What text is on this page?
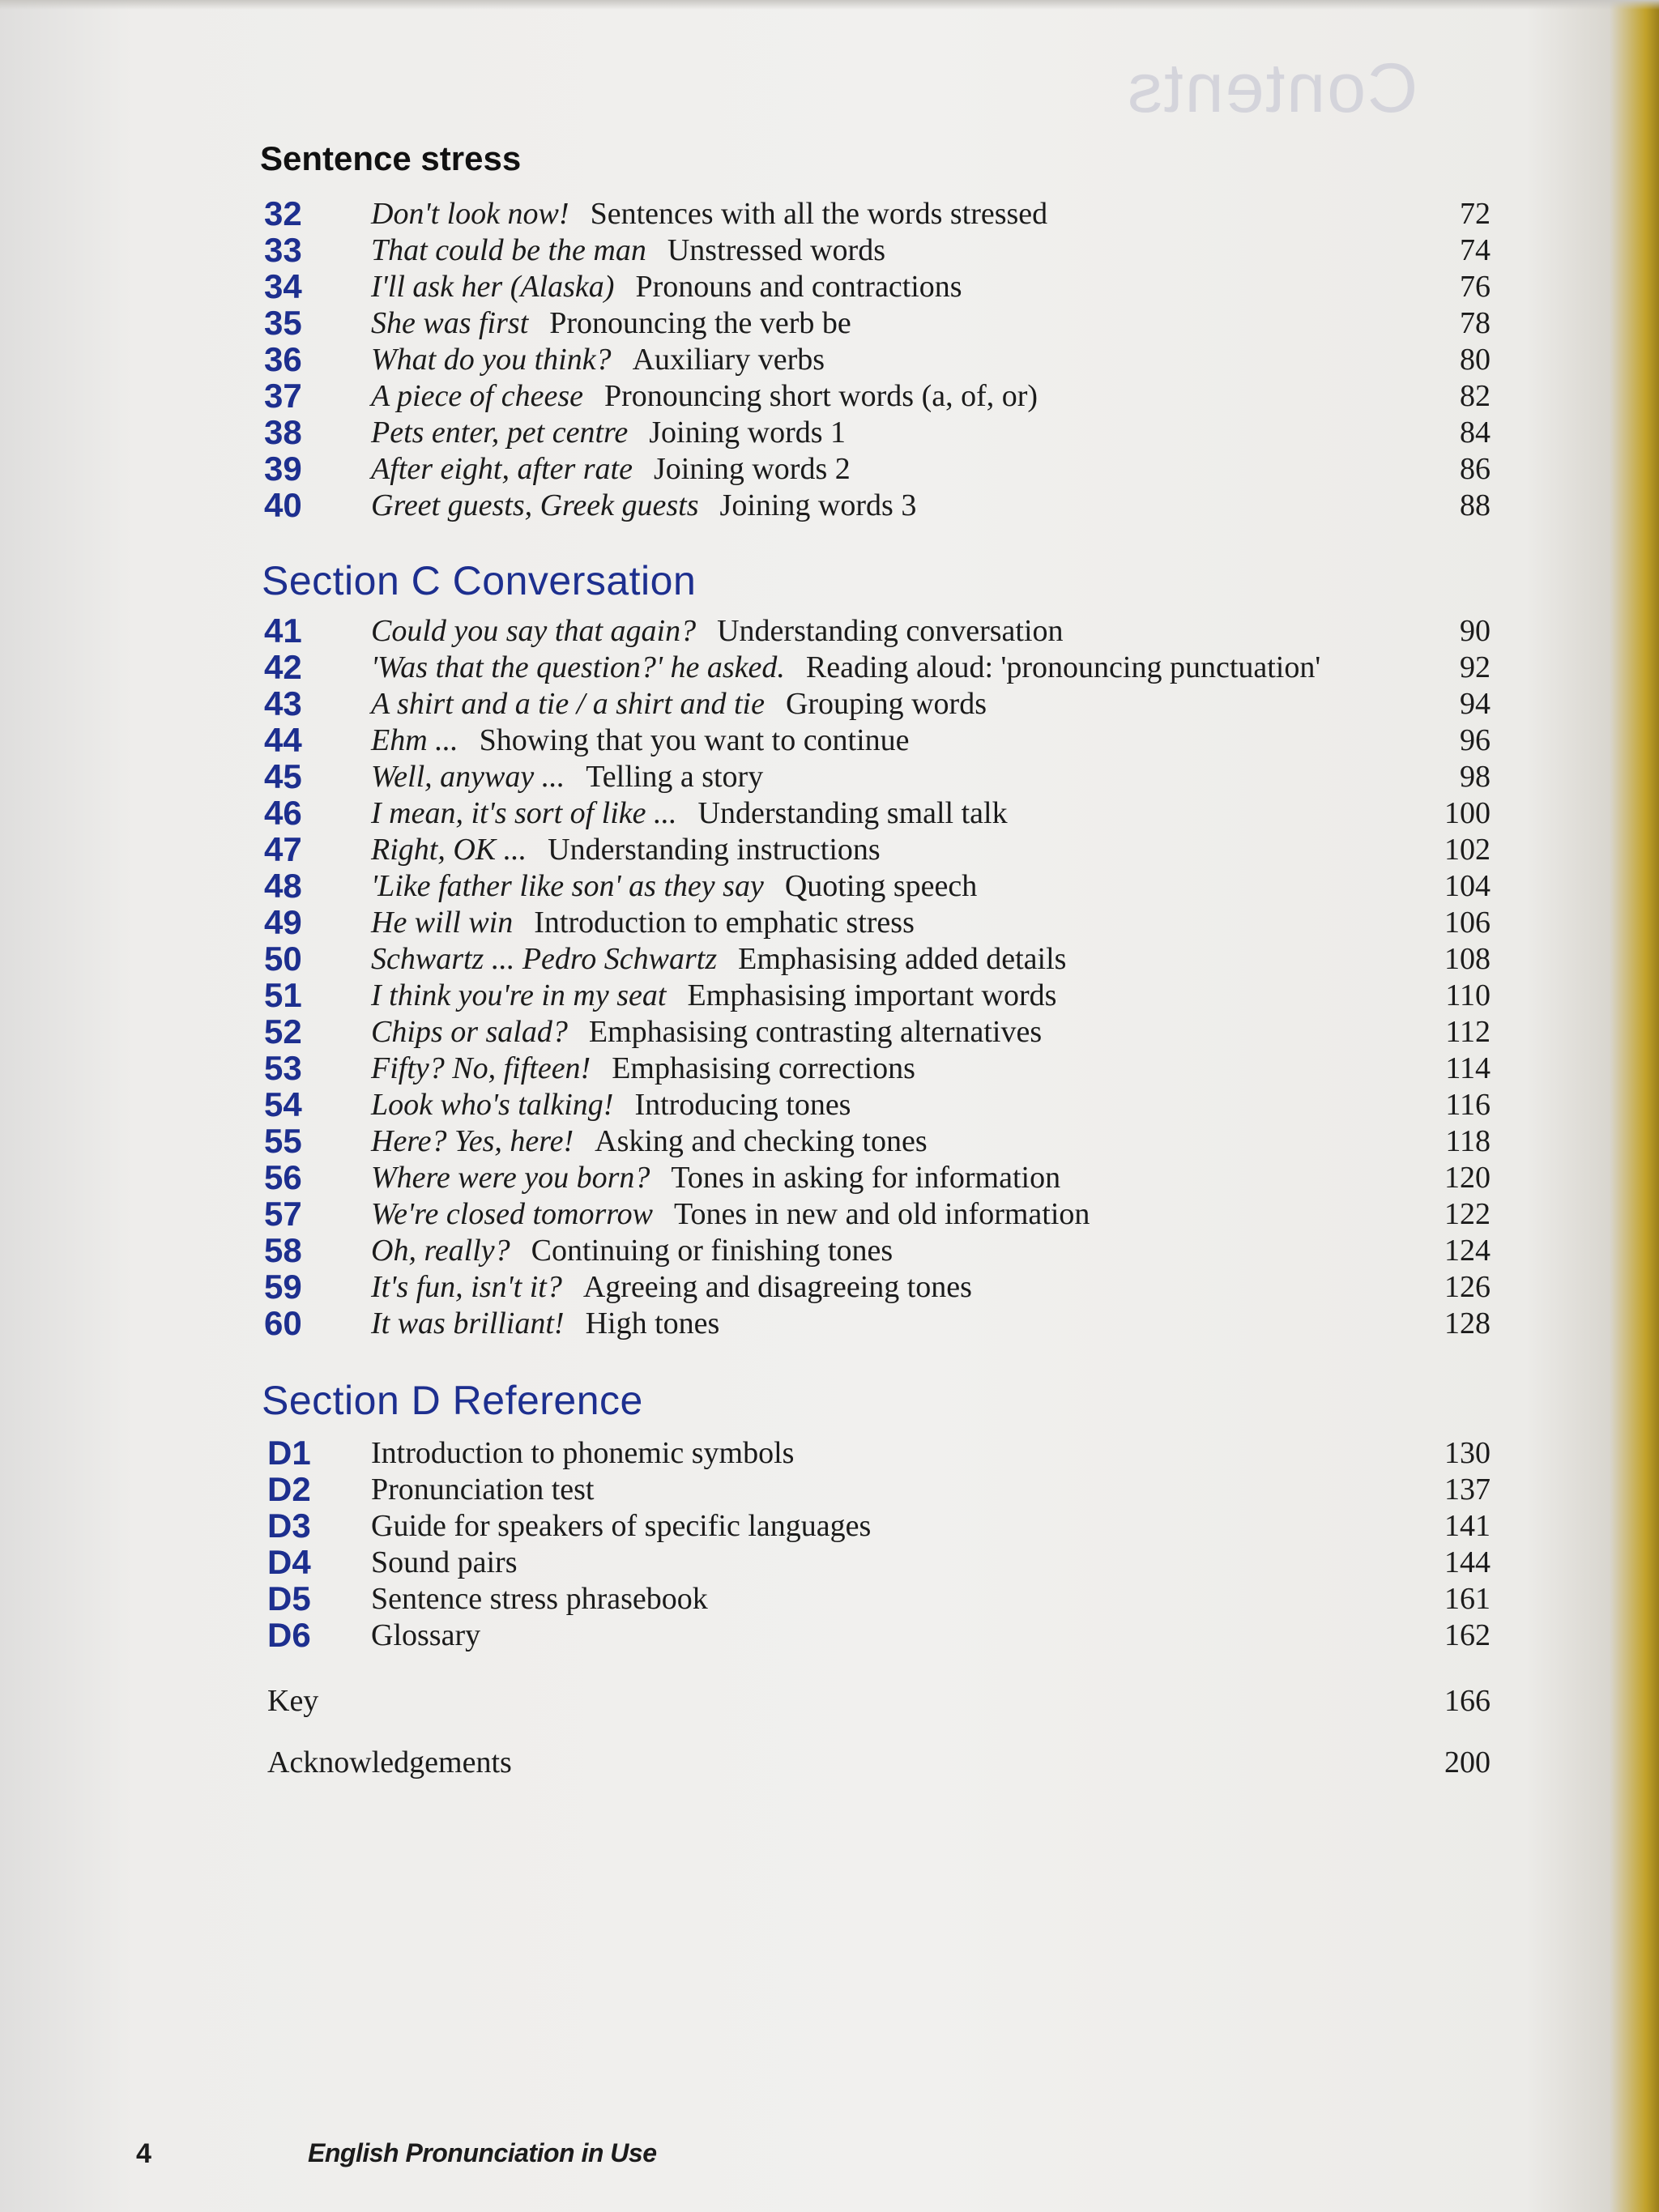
Contents
Sentence stress
32	Don't look now! Sentences with all the words stressed	72
33	That could be the man Unstressed words	74
34	I'll ask her (Alaska) Pronouns and contractions	76
35	She was first Pronouncing the verb be	78
36	What do you think? Auxiliary verbs	80
37	A piece of cheese Pronouncing short words (a, of, or)	82
38	Pets enter, pet centre Joining words 1	84
39	After eight, after rate Joining words 2	86
40	Greet guests, Greek guests Joining words 3	88
Section C Conversation
41	Could you say that again? Understanding conversation	90
42	'Was that the question?' he asked. Reading aloud: 'pronouncing punctuation'	92
43	A shirt and a tie / a shirt and tie Grouping words	94
44	Ehm ... Showing that you want to continue	96
45	Well, anyway ... Telling a story	98
46	I mean, it's sort of like ... Understanding small talk	100
47	Right, OK ... Understanding instructions	102
48	'Like father like son' as they say Quoting speech	104
49	He will win Introduction to emphatic stress	106
50	Schwartz ... Pedro Schwartz Emphasising added details	108
51	I think you're in my seat Emphasising important words	110
52	Chips or salad? Emphasising contrasting alternatives	112
53	Fifty? No, fifteen! Emphasising corrections	114
54	Look who's talking! Introducing tones	116
55	Here? Yes, here! Asking and checking tones	118
56	Where were you born? Tones in asking for information	120
57	We're closed tomorrow Tones in new and old information	122
58	Oh, really? Continuing or finishing tones	124
59	It's fun, isn't it? Agreeing and disagreeing tones	126
60	It was brilliant! High tones	128
Section D Reference
D1	Introduction to phonemic symbols	130
D2	Pronunciation test	137
D3	Guide for speakers of specific languages	141
D4	Sound pairs	144
D5	Sentence stress phrasebook	161
D6	Glossary	162
Key	166
Acknowledgements	200
4	English Pronunciation in Use
